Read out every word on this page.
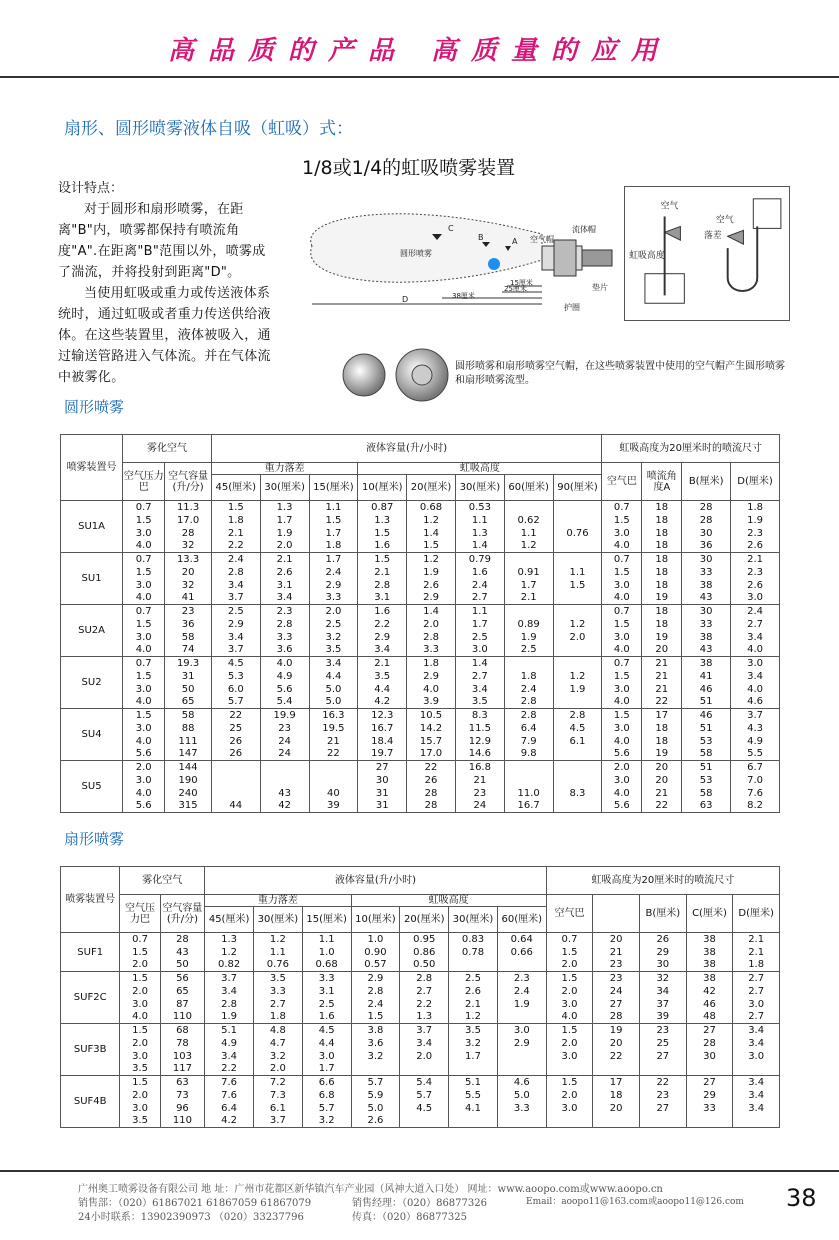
高品质的产品 高质量的应用
扇形、圆形喷雾液体自吸（虹吸）式：
1/8或1/4的虹吸喷雾装置
设计特点：

对于圆形和扇形喷雾，在距离"B"内，喷雾都保持有喷流角度"A".在距离"B"范围以外，喷雾成了湍流，并将投射到距离"D"。

当使用虹吸或重力或传送液体系统时，通过虹吸或者重力传送供给液体。在这些装置里，液体被吸入，通过输送管路进入气体流。并在气体流中被雾化。

圆形喷雾
C
B	A 空气帽
流体帽
垫片
护圈
D	38厘米
25厘米
15厘米
空气
空气
落差
虹吸高度
圆形喷雾和扇形喷雾空气帽，在这些喷雾装置中使用的空气帽产生圆形喷雾和扇形喷雾流型。
圆形喷雾
喷雾装置号	雾化空气		液体容量(升/小时)								虹吸高度为20厘米时的喷流尺寸			
	空气压力巴	空气容量(升/分)	重力落差			虹吸高度					空气巴	喷流角度A	B(厘米)	D(厘米)
			45(厘米)	30(厘米)	15(厘米)	10(厘米)	20(厘米)	30(厘米)	60(厘米)	90(厘米)				
SU1A	0.7	11.3	1.5	1.3	1.1	0.87	0.68	0.53			0.7	18	28	1.8
	1.5	17.0	1.8	1.7	1.5	1.3	1.2	1.1	0.62		1.5	18	28	1.9
	3.0	28	2.1	1.9	1.7	1.5	1.4	1.3	1.1	0.76	3.0	18	30	2.3
	4.0	32	2.2	2.0	1.8	1.6	1.5	1.4	1.2		4.0	18	36	2.6
SU1	0.7	13.3	2.4	2.1	1.7	1.5	1.2	0.79			0.7	18	30	2.1
	1.5	20	2.8	2.6	2.4	2.1	1.9	1.6	0.91	1.1	1.5	18	33	2.3
	3.0	32	3.4	3.1	2.9	2.8	2.6	2.4	1.7	1.5	3.0	18	38	2.6
	4.0	41	3.7	3.4	3.3	3.1	2.9	2.7	2.1		4.0	19	43	3.0
SU2A	0.7	23	2.5	2.3	2.0	1.6	1.4	1.1			0.7	18	30	2.4
	1.5	36	2.9	2.8	2.5	2.2	2.0	1.7	0.89	1.2	1.5	18	33	2.7
	3.0	58	3.4	3.3	3.2	2.9	2.8	2.5	1.9	2.0	3.0	19	38	3.4
	4.0	74	3.7	3.6	3.5	3.4	3.3	3.0	2.5		4.0	20	43	4.0
SU2	0.7	19.3	4.5	4.0	3.4	2.1	1.8	1.4			0.7	21	38	3.0
	1.5	31	5.3	4.9	4.4	3.5	2.9	2.7	1.8	1.2	1.5	21	41	3.4
	3.0	50	6.0	5.6	5.0	4.4	4.0	3.4	2.4	1.9	3.0	21	46	4.0
	4.0	65	5.7	5.4	5.0	4.2	3.9	3.5	2.8		4.0	22	51	4.6
SU4	1.5	58	22	19.9	16.3	12.3	10.5	8.3	2.8	2.8	1.5	17	46	3.7
	3.0	88	25	23	19.5	16.7	14.2	11.5	6.4	4.5	3.0	18	51	4.3
	4.0	111	26	24	21	18.4	15.7	12.9	7.9	6.1	4.0	18	53	4.9
	5.6	147	26	24	22	19.7	17.0	14.6	9.8		5.6	19	58	5.5
SU5	2.0	144				27	22	16.8			2.0	20	51	6.7
	3.0	190				30	26	21			3.0	20	53	7.0
	4.0	240		43	40	31	28	23	11.0	8.3	4.0	21	58	7.6
	5.6	315	44	42	39	31	28	24	16.7		5.6	22	63	8.2
扇形喷雾
喷雾装置号	雾化空气		液体容量(升/小时)							虹吸高度为20厘米时的喷流尺寸				
	空气压力巴	空气容量(升/分)	重力落差			虹吸高度				空气巴		B(厘米)	C(厘米)	D(厘米)
			45(厘米)	30(厘米)	15(厘米)	10(厘米)	20(厘米)	30(厘米)	60(厘米)					
SUF1	0.7	28	1.3	1.2	1.1	1.0	0.95	0.83	0.64	0.7	20	26	38	2.1
	1.5	43	1.2	1.1	1.0	0.90	0.86	0.78	0.66	1.5	21	29	38	2.1
	2.0	50	0.82	0.76	0.68	0.57	0.50			2.0	23	30	38	1.8
SUF2C	1.5	56	3.7	3.5	3.3	2.9	2.8	2.5	2.3	1.5	23	32	38	2.7
	2.0	65	3.4	3.3	3.1	2.8	2.7	2.6	2.4	2.0	24	34	42	2.7
	3.0	87	2.8	2.7	2.5	2.4	2.2	2.1	1.9	3.0	27	37	46	3.0
	4.0	110	1.9	1.8	1.6	1.5	1.3	1.2		4.0	28	39	48	2.7
SUF3B	1.5	68	5.1	4.8	4.5	3.8	3.7	3.5	3.0	1.5	19	23	27	3.4
	2.0	78	4.9	4.7	4.4	3.6	3.4	3.2	2.9	2.0	20	25	28	3.4
	3.0	103	3.4	3.2	3.0	3.2	2.0	1.7		3.0	22	27	30	3.0
	3.5	117	2.2	2.0	1.7									
SUF4B	1.5	63	7.6	7.2	6.6	5.7	5.4	5.1	4.6	1.5	17	22	27	3.4
	2.0	73	7.6	7.3	6.8	5.9	5.7	5.5	5.0	2.0	18	23	29	3.4
	3.0	96	6.4	6.1	5.7	5.0	4.5	4.1	3.3	3.0	20	27	33	3.4
	3.5	110	4.2	3.7	3.2	2.6								
广州奥工喷雾设备有限公司 地 址：广州市花都区新华镇汽车产业园（风神大道入口处） 网址：www.aoopo.com或www.aoopo.cn
销售部：（020）61867021 61867059 61867079	销售经理：（020）86877326	Email：aoopo11@163.com或aoopo11@126.com
24小时联系：13902390973 （020）33237796	传真：（020）86877325
38
